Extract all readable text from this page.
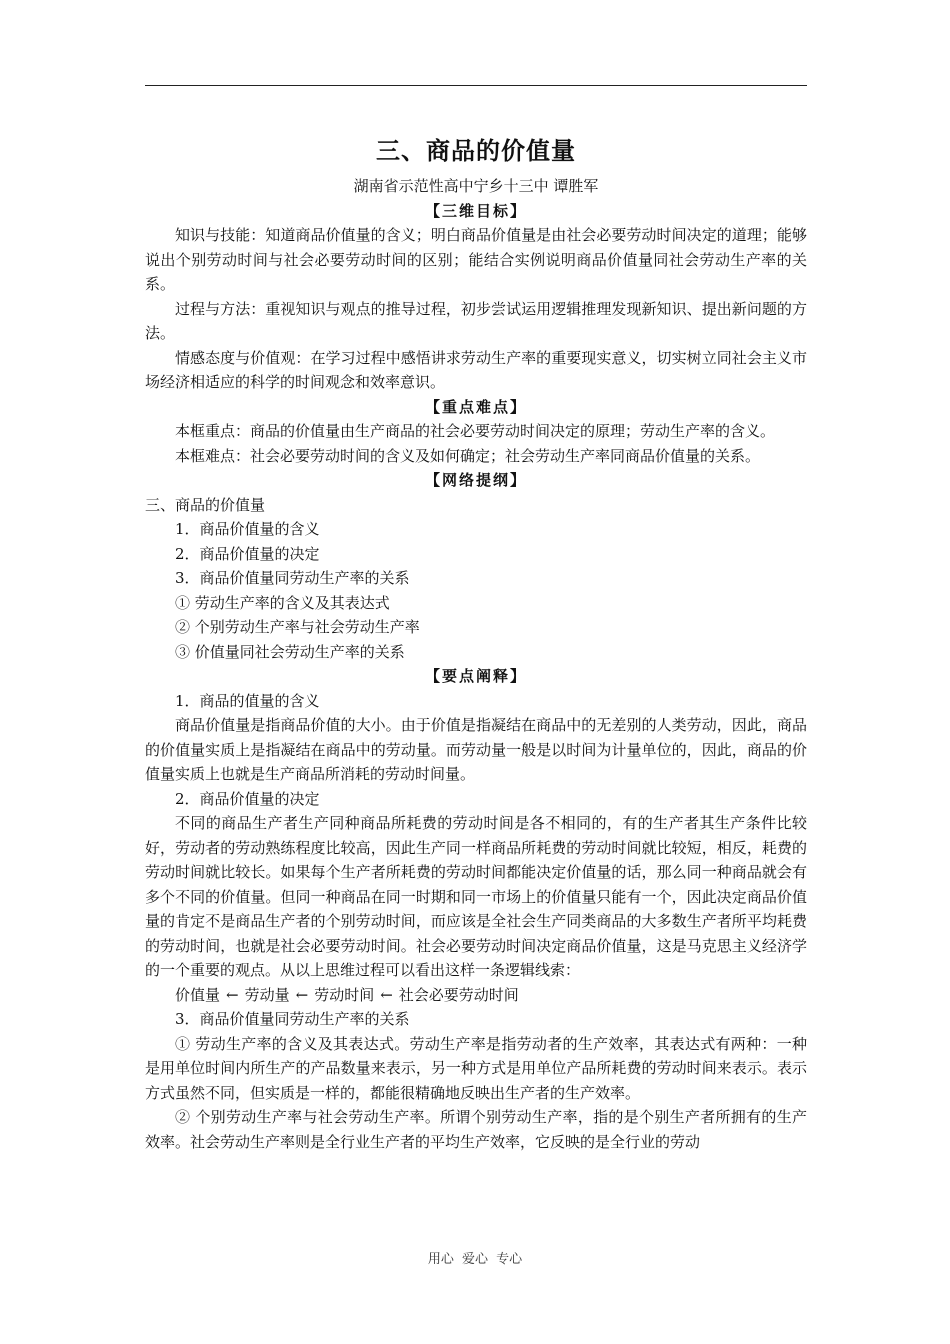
三、商品的价值量

湖南省示范性高中宁乡十三中 谭胜军

【三维目标】

知识与技能：知道商品价值量的含义；明白商品价值量是由社会必要劳动时间决定的道理；能够说出个别劳动时间与社会必要劳动时间的区别；能结合实例说明商品价值量同社会劳动生产率的关系。

过程与方法：重视知识与观点的推导过程，初步尝试运用逻辑推理发现新知识、提出新问题的方法。

情感态度与价值观：在学习过程中感悟讲求劳动生产率的重要现实意义，切实树立同社会主义市场经济相适应的科学的时间观念和效率意识。

【重点难点】

本框重点：商品的价值量由生产商品的社会必要劳动时间决定的原理；劳动生产率的含义。

本框难点：社会必要劳动时间的含义及如何确定；社会劳动生产率同商品价值量的关系。

【网络提纲】

三、商品的价值量

1．商品价值量的含义

2．商品价值量的决定

3．商品价值量同劳动生产率的关系

① 劳动生产率的含义及其表达式

② 个别劳动生产率与社会劳动生产率

③ 价值量同社会劳动生产率的关系

【要点阐释】

1．商品的值量的含义

商品价值量是指商品价值的大小。由于价值是指凝结在商品中的无差别的人类劳动，因此，商品的价值量实质上是指凝结在商品中的劳动量。而劳动量一般是以时间为计量单位的，因此，商品的价值量实质上也就是生产商品所消耗的劳动时间量。

2．商品价值量的决定

不同的商品生产者生产同种商品所耗费的劳动时间是各不相同的，有的生产者其生产条件比较好，劳动者的劳动熟练程度比较高，因此生产同一样商品所耗费的劳动时间就比较短，相反，耗费的劳动时间就比较长。如果每个生产者所耗费的劳动时间都能决定价值量的话，那么同一种商品就会有多个不同的价值量。但同一种商品在同一时期和同一市场上的价值量只能有一个，因此决定商品价值量的肯定不是商品生产者的个别劳动时间，而应该是全社会生产同类商品的大多数生产者所平均耗费的劳动时间，也就是社会必要劳动时间。社会必要劳动时间决定商品价值量，这是马克思主义经济学的一个重要的观点。从以上思维过程可以看出这样一条逻辑线索：

价值量 ← 劳动量 ← 劳动时间 ← 社会必要劳动时间

3．商品价值量同劳动生产率的关系

① 劳动生产率的含义及其表达式。劳动生产率是指劳动者的生产效率，其表达式有两种：一种是用单位时间内所生产的产品数量来表示，另一种方式是用单位产品所耗费的劳动时间来表示。表示方式虽然不同，但实质是一样的，都能很精确地反映出生产者的生产效率。

② 个别劳动生产率与社会劳动生产率。所谓个别劳动生产率，指的是个别生产者所拥有的生产效率。社会劳动生产率则是全行业生产者的平均生产效率，它反映的是全行业的劳动

用心 爱心 专心
